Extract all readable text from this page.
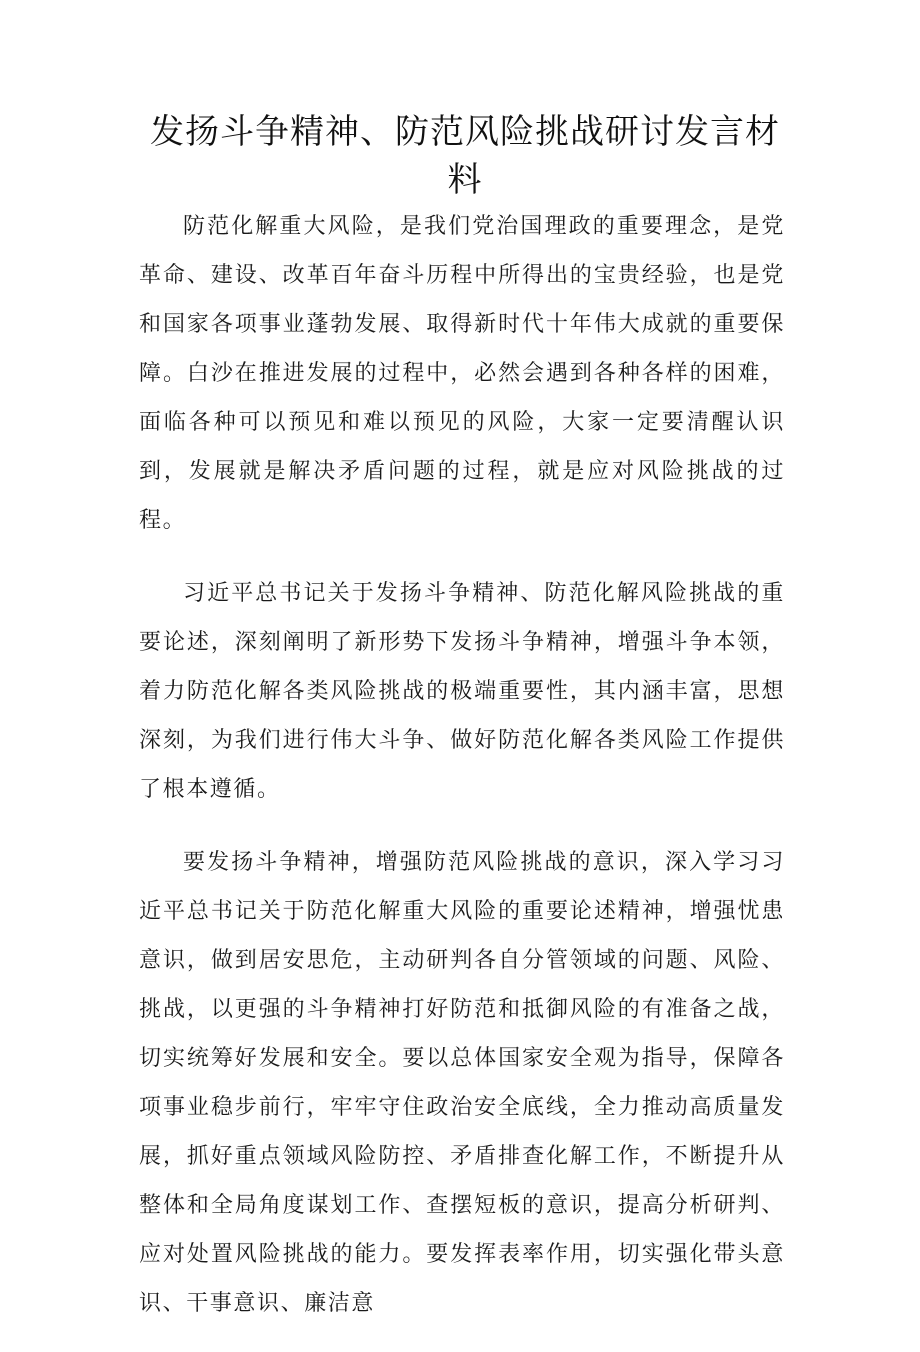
发扬斗争精神、防范风险挑战研讨发言材料

防范化解重大风险，是我们党治国理政的重要理念，是党革命、建设、改革百年奋斗历程中所得出的宝贵经验，也是党和国家各项事业蓬勃发展、取得新时代十年伟大成就的重要保障。白沙在推进发展的过程中，必然会遇到各种各样的困难，面临各种可以预见和难以预见的风险，大家一定要清醒认识到，发展就是解决矛盾问题的过程，就是应对风险挑战的过程。

习近平总书记关于发扬斗争精神、防范化解风险挑战的重要论述，深刻阐明了新形势下发扬斗争精神，增强斗争本领，着力防范化解各类风险挑战的极端重要性，其内涵丰富，思想深刻，为我们进行伟大斗争、做好防范化解各类风险工作提供了根本遵循。

要发扬斗争精神，增强防范风险挑战的意识，深入学习习近平总书记关于防范化解重大风险的重要论述精神，增强忧患意识，做到居安思危，主动研判各自分管领域的问题、风险、挑战，以更强的斗争精神打好防范和抵御风险的有准备之战，切实统筹好发展和安全。要以总体国家安全观为指导，保障各项事业稳步前行，牢牢守住政治安全底线，全力推动高质量发展，抓好重点领域风险防控、矛盾排查化解工作，不断提升从整体和全局角度谋划工作、查摆短板的意识，提高分析研判、应对处置风险挑战的能力。要发挥表率作用，切实强化带头意识、干事意识、廉洁意
